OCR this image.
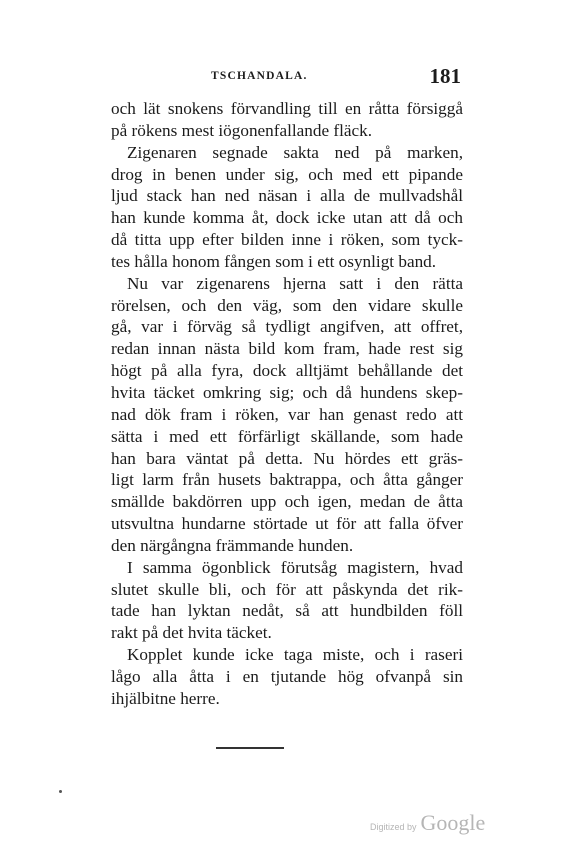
TSCHANDALA.	181
och lät snokens förvandling till en råtta försiggå
på rökens mest iögonenfallande fläck.
Zigenaren segnade sakta ned på marken,
drog in benen under sig, och med ett pipande
ljud stack han ned näsan i alla de mullvadshål
han kunde komma åt, dock icke utan att då och
då titta upp efter bilden inne i röken, som tyck-
tes hålla honom fången som i ett osynligt band.
Nu var zigenarens hjerna satt i den rätta
rörelsen, och den väg, som den vidare skulle
gå, var i förväg så tydligt angifven, att offret,
redan innan nästa bild kom fram, hade rest sig
högt på alla fyra, dock alltjämt behållande det
hvita täcket omkring sig; och då hundens skep-
nad dök fram i röken, var han genast redo att
sätta i med ett förfärligt skällande, som hade
han bara väntat på detta. Nu hördes ett gräs-
ligt larm från husets baktrappa, och åtta gånger
smällde bakdörren upp och igen, medan de åtta
utsvultna hundarne störtade ut för att falla öfver
den närgångna främmande hunden.
I samma ögonblick förutsåg magistern, hvad
slutet skulle bli, och för att påskynda det rik-
tade han lyktan nedåt, så att hundbilden föll
rakt på det hvita täcket.
Kopplet kunde icke taga miste, och i raseri
lågo alla åtta i en tjutande hög ofvanpå sin
ihjälbitne herre.
Digitized by Google
